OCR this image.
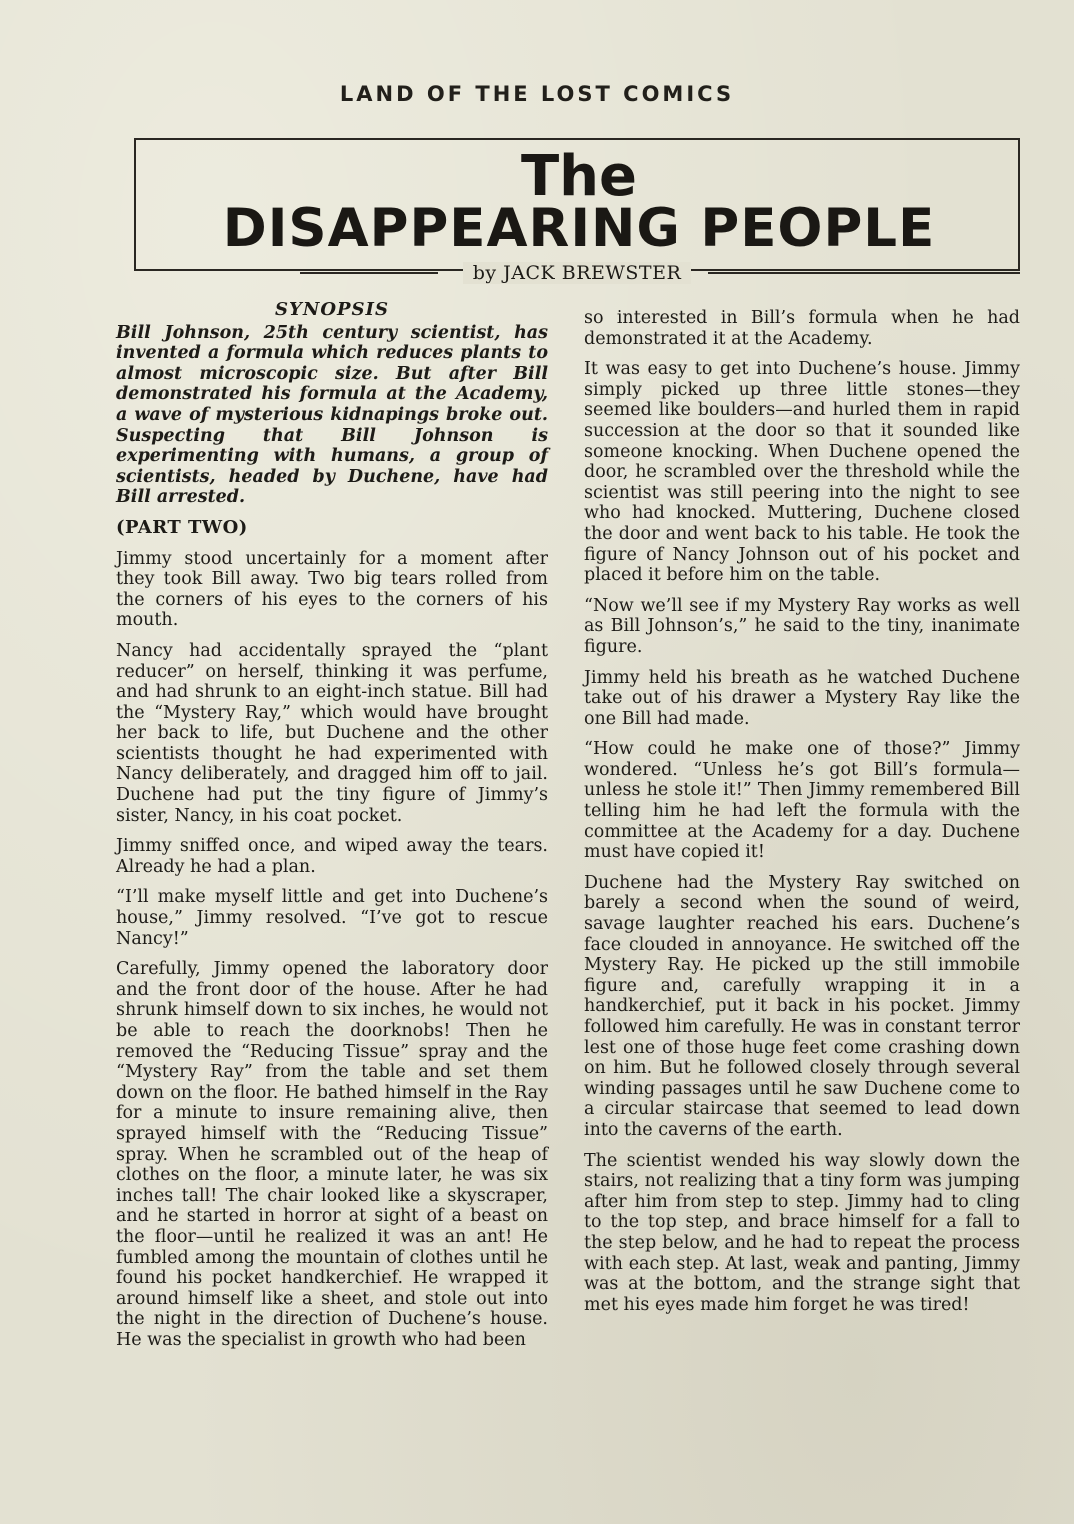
LAND OF THE LOST COMICS
The
DISAPPEARING PEOPLE
by JACK BREWSTER
SYNOPSIS

Bill Johnson, 25th century scientist, has invented a formula which reduces plants to almost microscopic size. But after Bill demonstrated his formula at the Academy, a wave of mysterious kidnapings broke out. Suspecting that Bill Johnson is experimenting with humans, a group of scientists, headed by Duchene, have had Bill arrested.

(PART TWO)

Jimmy stood uncertainly for a moment after they took Bill away. Two big tears rolled from the corners of his eyes to the corners of his mouth.

Nancy had accidentally sprayed the “plant reducer” on herself, thinking it was perfume, and had shrunk to an eight-inch statue. Bill had the “Mystery Ray,” which would have brought her back to life, but Duchene and the other scientists thought he had experimented with Nancy deliberately, and dragged him off to jail. Duchene had put the tiny figure of Jimmy’s sister, Nancy, in his coat pocket.

Jimmy sniffed once, and wiped away the tears. Already he had a plan.

“I’ll make myself little and get into Duchene’s house,” Jimmy resolved. “I’ve got to rescue Nancy!”

Carefully, Jimmy opened the laboratory door and the front door of the house. After he had shrunk himself down to six inches, he would not be able to reach the doorknobs! Then he removed the “Reducing Tissue” spray and the “Mystery Ray” from the table and set them down on the floor. He bathed himself in the Ray for a minute to insure remaining alive, then sprayed himself with the “Reducing Tissue” spray. When he scrambled out of the heap of clothes on the floor, a minute later, he was six inches tall! The chair looked like a skyscraper, and he started in horror at sight of a beast on the floor—until he realized it was an ant! He fumbled among the mountain of clothes until he found his pocket handkerchief. He wrapped it around himself like a sheet, and stole out into the night in the direction of Duchene’s house. He was the specialist in growth who had been

so interested in Bill’s formula when he had demonstrated it at the Academy.

It was easy to get into Duchene’s house. Jimmy simply picked up three little stones—they seemed like boulders—and hurled them in rapid succession at the door so that it sounded like someone knocking. When Duchene opened the door, he scrambled over the threshold while the scientist was still peering into the night to see who had knocked. Muttering, Duchene closed the door and went back to his table. He took the figure of Nancy Johnson out of his pocket and placed it before him on the table.

“Now we’ll see if my Mystery Ray works as well as Bill Johnson’s,” he said to the tiny, inanimate figure.

Jimmy held his breath as he watched Duchene take out of his drawer a Mystery Ray like the one Bill had made.

“How could he make one of those?” Jimmy wondered. “Unless he’s got Bill’s formula—unless he stole it!” Then Jimmy remembered Bill telling him he had left the formula with the committee at the Academy for a day. Duchene must have copied it!

Duchene had the Mystery Ray switched on barely a second when the sound of weird, savage laughter reached his ears. Duchene’s face clouded in annoyance. He switched off the Mystery Ray. He picked up the still immobile figure and, carefully wrapping it in a handkerchief, put it back in his pocket. Jimmy followed him carefully. He was in constant terror lest one of those huge feet come crashing down on him. But he followed closely through several winding passages until he saw Duchene come to a circular staircase that seemed to lead down into the caverns of the earth.

The scientist wended his way slowly down the stairs, not realizing that a tiny form was jumping after him from step to step. Jimmy had to cling to the top step, and brace himself for a fall to the step below, and he had to repeat the process with each step. At last, weak and panting, Jimmy was at the bottom, and the strange sight that met his eyes made him forget he was tired!
